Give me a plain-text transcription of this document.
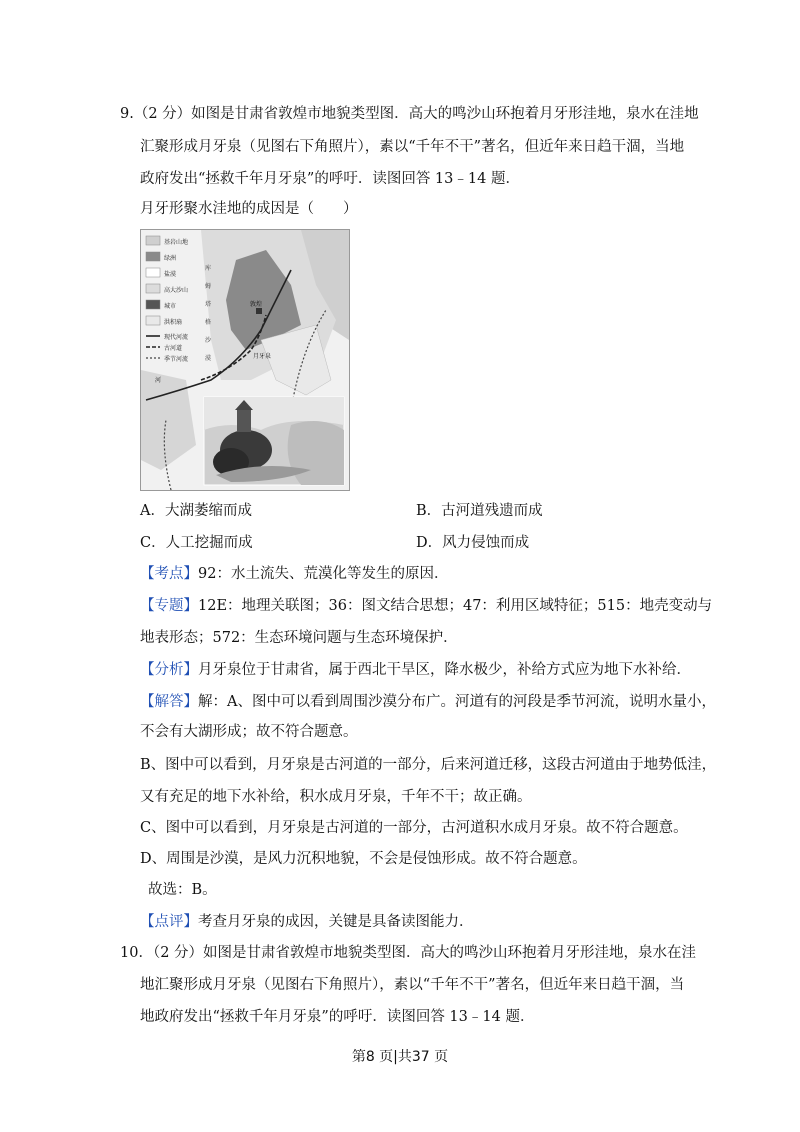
9.（2 分）如图是甘肃省敦煌市地貌类型图．高大的鸣沙山环抱着月牙形洼地，泉水在洼地
汇聚形成月牙泉（见图右下角照片），素以“千年不干”著名，但近年来日趋干涸，当地
政府发出“拯救千年月牙泉”的呼吁．读图回答 13﹣14 题．
月牙形聚水洼地的成因是（　　）
基岩山地
绿洲
盐漠
高大沙山
城市
洪积扇
现代河流
古河道
季节河流
库
姆
塔
格
沙
漠
敦煌
月牙泉
河
A．大湖萎缩而成	B．古河道残遗而成
C．人工挖掘而成	D．风力侵蚀而成
【考点】92：水土流失、荒漠化等发生的原因．
【专题】12E：地理关联图；36：图文结合思想；47：利用区域特征；515：地壳变动与
地表形态；572：生态环境问题与生态环境保护．
【分析】月牙泉位于甘肃省，属于西北干旱区，降水极少，补给方式应为地下水补给．
【解答】解：A、图中可以看到周围沙漠分布广。河道有的河段是季节河流，说明水量小，
不会有大湖形成；故不符合题意。
B、图中可以看到，月牙泉是古河道的一部分，后来河道迁移，这段古河道由于地势低洼，
又有充足的地下水补给，积水成月牙泉，千年不干；故正确。
C、图中可以看到，月牙泉是古河道的一部分，古河道积水成月牙泉。故不符合题意。
D、周围是沙漠，是风力沉积地貌，不会是侵蚀形成。故不符合题意。
故选：B。
【点评】考查月牙泉的成因，关键是具备读图能力．
10．（2 分）如图是甘肃省敦煌市地貌类型图．高大的鸣沙山环抱着月牙形洼地，泉水在洼
地汇聚形成月牙泉（见图右下角照片），素以“千年不干”著名，但近年来日趋干涸，当
地政府发出“拯救千年月牙泉”的呼吁．读图回答 13﹣14 题．
第8 页|共37 页
